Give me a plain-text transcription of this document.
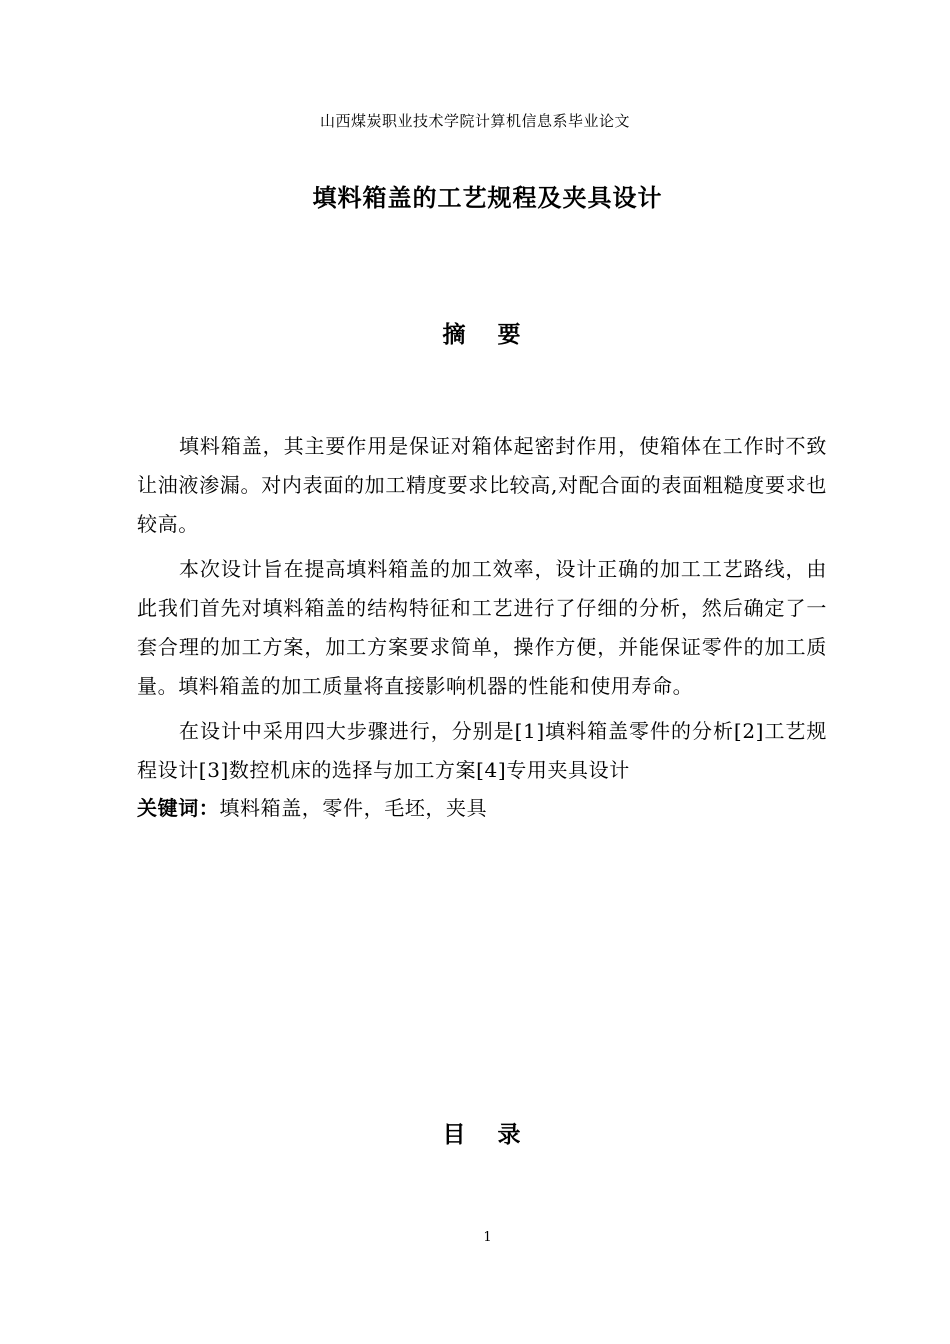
山西煤炭职业技术学院计算机信息系毕业论文
填料箱盖的工艺规程及夹具设计
摘 要

填料箱盖，其主要作用是保证对箱体起密封作用，使箱体在工作时不致让油液渗漏。对内表面的加工精度要求比较高,对配合面的表面粗糙度要求也较高。

本次设计旨在提高填料箱盖的加工效率，设计正确的加工工艺路线，由此我们首先对填料箱盖的结构特征和工艺进行了仔细的分析，然后确定了一套合理的加工方案，加工方案要求简单，操作方便，并能保证零件的加工质量。填料箱盖的加工质量将直接影响机器的性能和使用寿命。

在设计中采用四大步骤进行，分别是[1]填料箱盖零件的分析[2]工艺规程设计[3]数控机床的选择与加工方案[4]专用夹具设计

关键词：填料箱盖，零件，毛坯，夹具
目 录
1
